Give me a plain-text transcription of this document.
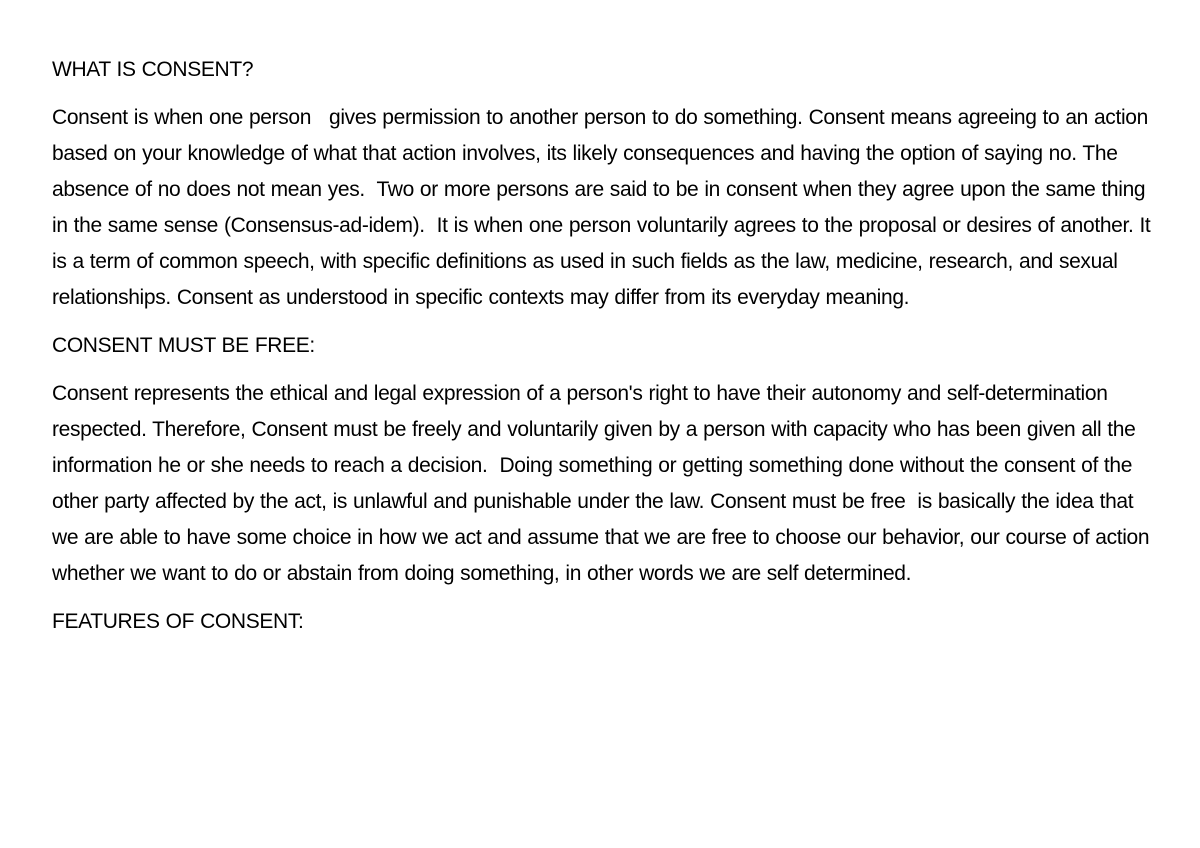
WHAT IS CONSENT?

Consent is when one person   gives permission to another person to do something. Consent means agreeing to an action based on your knowledge of what that action involves, its likely consequences and having the option of saying no. The absence of no does not mean yes.  Two or more persons are said to be in consent when they agree upon the same thing in the same sense (Consensus-ad-idem).  It is when one person voluntarily agrees to the proposal or desires of another. It is a term of common speech, with specific definitions as used in such fields as the law, medicine, research, and sexual relationships. Consent as understood in specific contexts may differ from its everyday meaning.

CONSENT MUST BE FREE:

Consent represents the ethical and legal expression of a person's right to have their autonomy and self-determination respected. Therefore, Consent must be freely and voluntarily given by a person with capacity who has been given all the information he or she needs to reach a decision.  Doing something or getting something done without the consent of the other party affected by the act, is unlawful and punishable under the law. Consent must be free  is basically the idea that we are able to have some choice in how we act and assume that we are free to choose our behavior, our course of action whether we want to do or abstain from doing something, in other words we are self determined.

FEATURES OF CONSENT:
